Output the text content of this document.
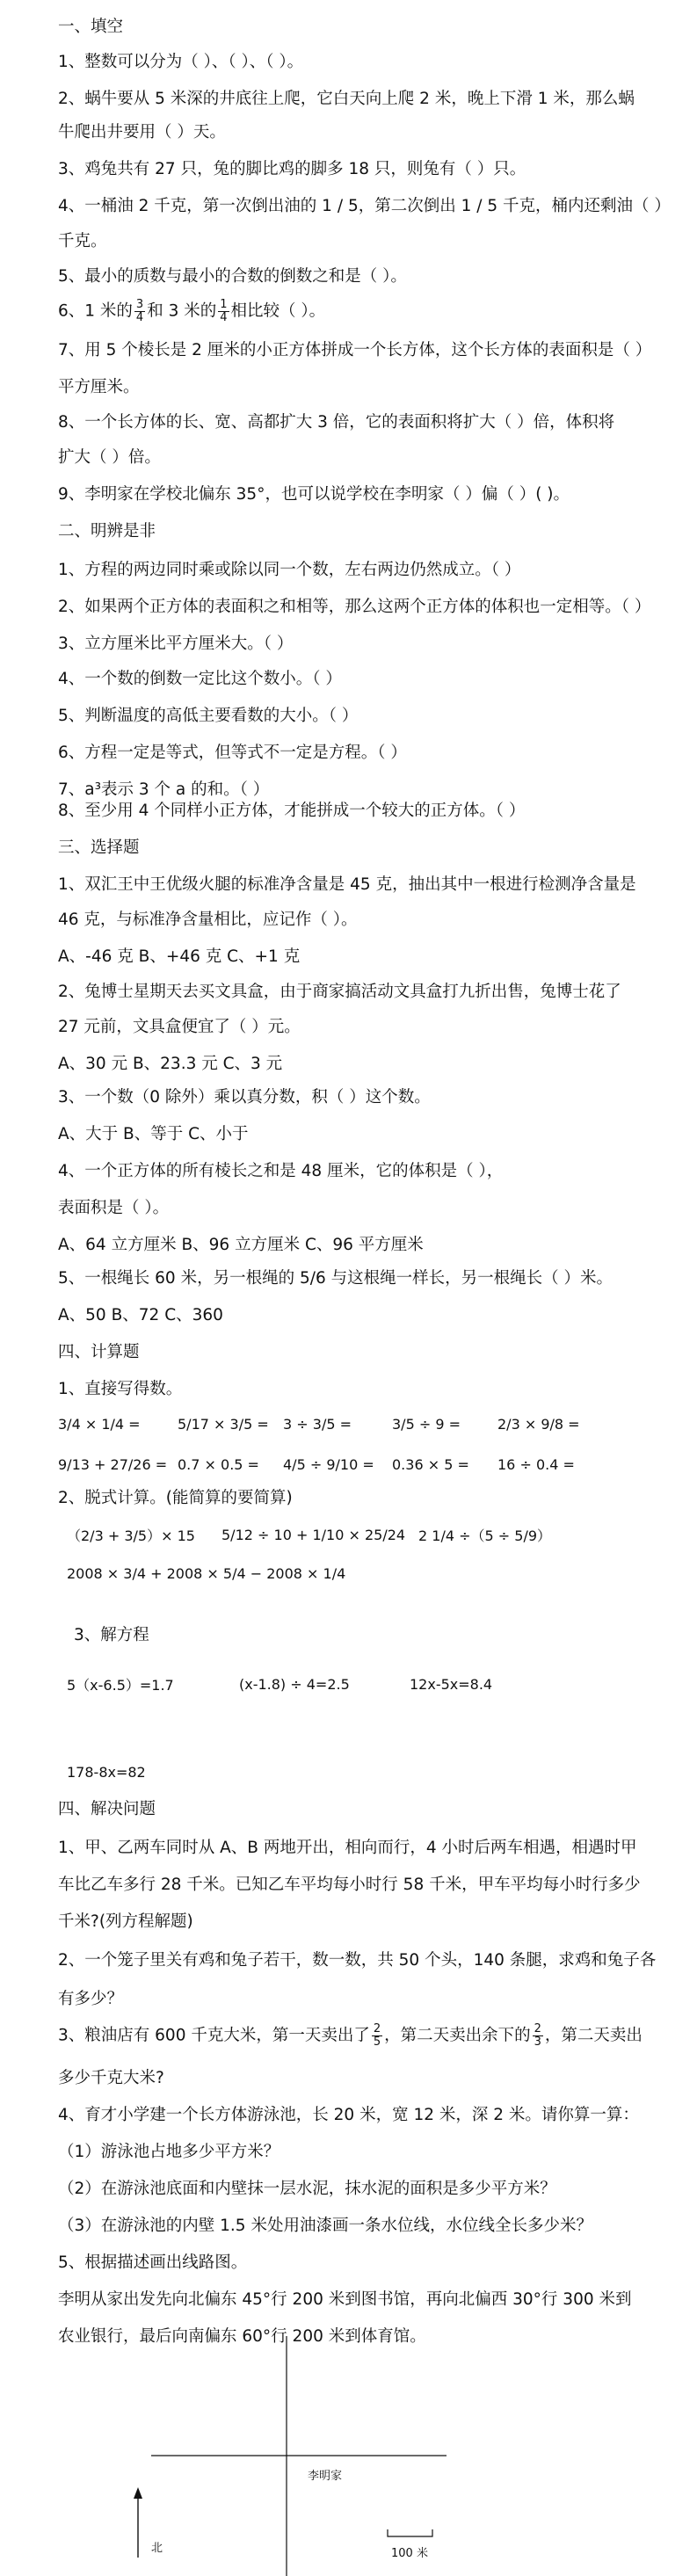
一、填空
1、整数可以分为（ ）、（ ）、（ ）。
2、蜗牛要从 5 米深的井底往上爬，它白天向上爬 2 米，晚上下滑 1 米，那么蜗
牛爬出井要用（ ）天。
3、鸡兔共有 27 只，兔的脚比鸡的脚多 18 只，则兔有（ ）只。
4、一桶油 2 千克，第一次倒出油的 1 / 5，第二次倒出 1 / 5 千克，桶内还剩油（ ）
千克。
5、最小的质数与最小的合数的倒数之和是（ ）。
6、1 米的 $\frac{3}{4}$ 和 3 米的 $\frac{1}{4}$ 相比较（ ）。
7、用 5 个棱长是 2 厘米的小正方体拼成一个长方体，这个长方体的表面积是（ ）
平方厘米。
8、一个长方体的长、宽、高都扩大 3 倍，它的表面积将扩大（ ）倍，体积将
扩大（ ）倍。
9、李明家在学校北偏东 35°，也可以说学校在李明家（ ）偏（ ）( )。
二、明辨是非
1、方程的两边同时乘或除以同一个数，左右两边仍然成立。（ ）
2、如果两个正方体的表面积之和相等，那么这两个正方体的体积也一定相等。（ ）
3、立方厘米比平方厘米大。（ ）
4、一个数的倒数一定比这个数小。（ ）
5、判断温度的高低主要看数的大小。（ ）
6、方程一定是等式，但等式不一定是方程。（ ）
7、a³表示 3 个 a 的和。（ ）
8、至少用 4 个同样小正方体，才能拼成一个较大的正方体。（ ）
三、选择题
1、双汇王中王优级火腿的标准净含量是 45 克，抽出其中一根进行检测净含量是
46 克，与标准净含量相比，应记作（ ）。
A、-46 克 B、+46 克 C、+1 克
2、兔博士星期天去买文具盒，由于商家搞活动文具盒打九折出售，兔博士花了
27 元前，文具盒便宜了（ ）元。
A、30 元 B、23.3 元 C、3 元
3、一个数（0 除外）乘以真分数，积（ ）这个数。
A、大于 B、等于 C、小于
4、一个正方体的所有棱长之和是 48 厘米，它的体积是（ ），
表面积是（ ）。
A、64 立方厘米 B、96 立方厘米 C、96 平方厘米
5、一根绳长 60 米，另一根绳的 5/6 与这根绳一样长，另一根绳长（ ）米。
A、50 B、72 C、360
四、计算题
1、直接写得数。
3/4 × 1/4 =	5/17 × 3/5 = 3 ÷ 3/5 =	3/5 ÷ 9 =	2/3 × 9/8 =
9/13 + 27/26 = 0.7 × 0.5 = 4/5 ÷ 9/10 = 0.36 × 5 = 16 ÷ 0.4 =
2、脱式计算。(能简算的要简算)
（2/3 + 3/5）× 15 5/12 ÷ 10 + 1/10 × 25/24 2 1/4 ÷（5 ÷ 5/9）
2008 × 3/4 + 2008 × 5/4 − 2008 × 1/4
3、解方程
5（x-6.5）=1.7	(x-1.8) ÷ 4=2.5	12x-5x=8.4
178-8x=82
四、解决问题
1、甲、乙两车同时从 A、B 两地开出，相向而行，4 小时后两车相遇，相遇时甲
车比乙车多行 28 千米。已知乙车平均每小时行 58 千米，甲车平均每小时行多少
千米?(列方程解题)
2、一个笼子里关有鸡和兔子若干，数一数，共 50 个头，140 条腿，求鸡和兔子各
有多少？
3、粮油店有 600 千克大米，第一天卖出了 $\frac{2}{5}$ ，第二天卖出余下的 $\frac{2}{3}$ ，第二天卖出
多少千克大米?
4、育才小学建一个长方体游泳池，长 20 米，宽 12 米，深 2 米。请你算一算：
（1）游泳池占地多少平方米？
（2）在游泳池底面和内壁抹一层水泥，抹水泥的面积是多少平方米？
（3）在游泳池的内壁 1.5 米处用油漆画一条水位线，水位线全长多少米？
5、根据描述画出线路图。
李明从家出发先向北偏东 45°行 200 米到图书馆，再向北偏西 30°行 300 米到
农业银行，最后向南偏东 60°行 200 米到体育馆。
李明家
北	100 米
